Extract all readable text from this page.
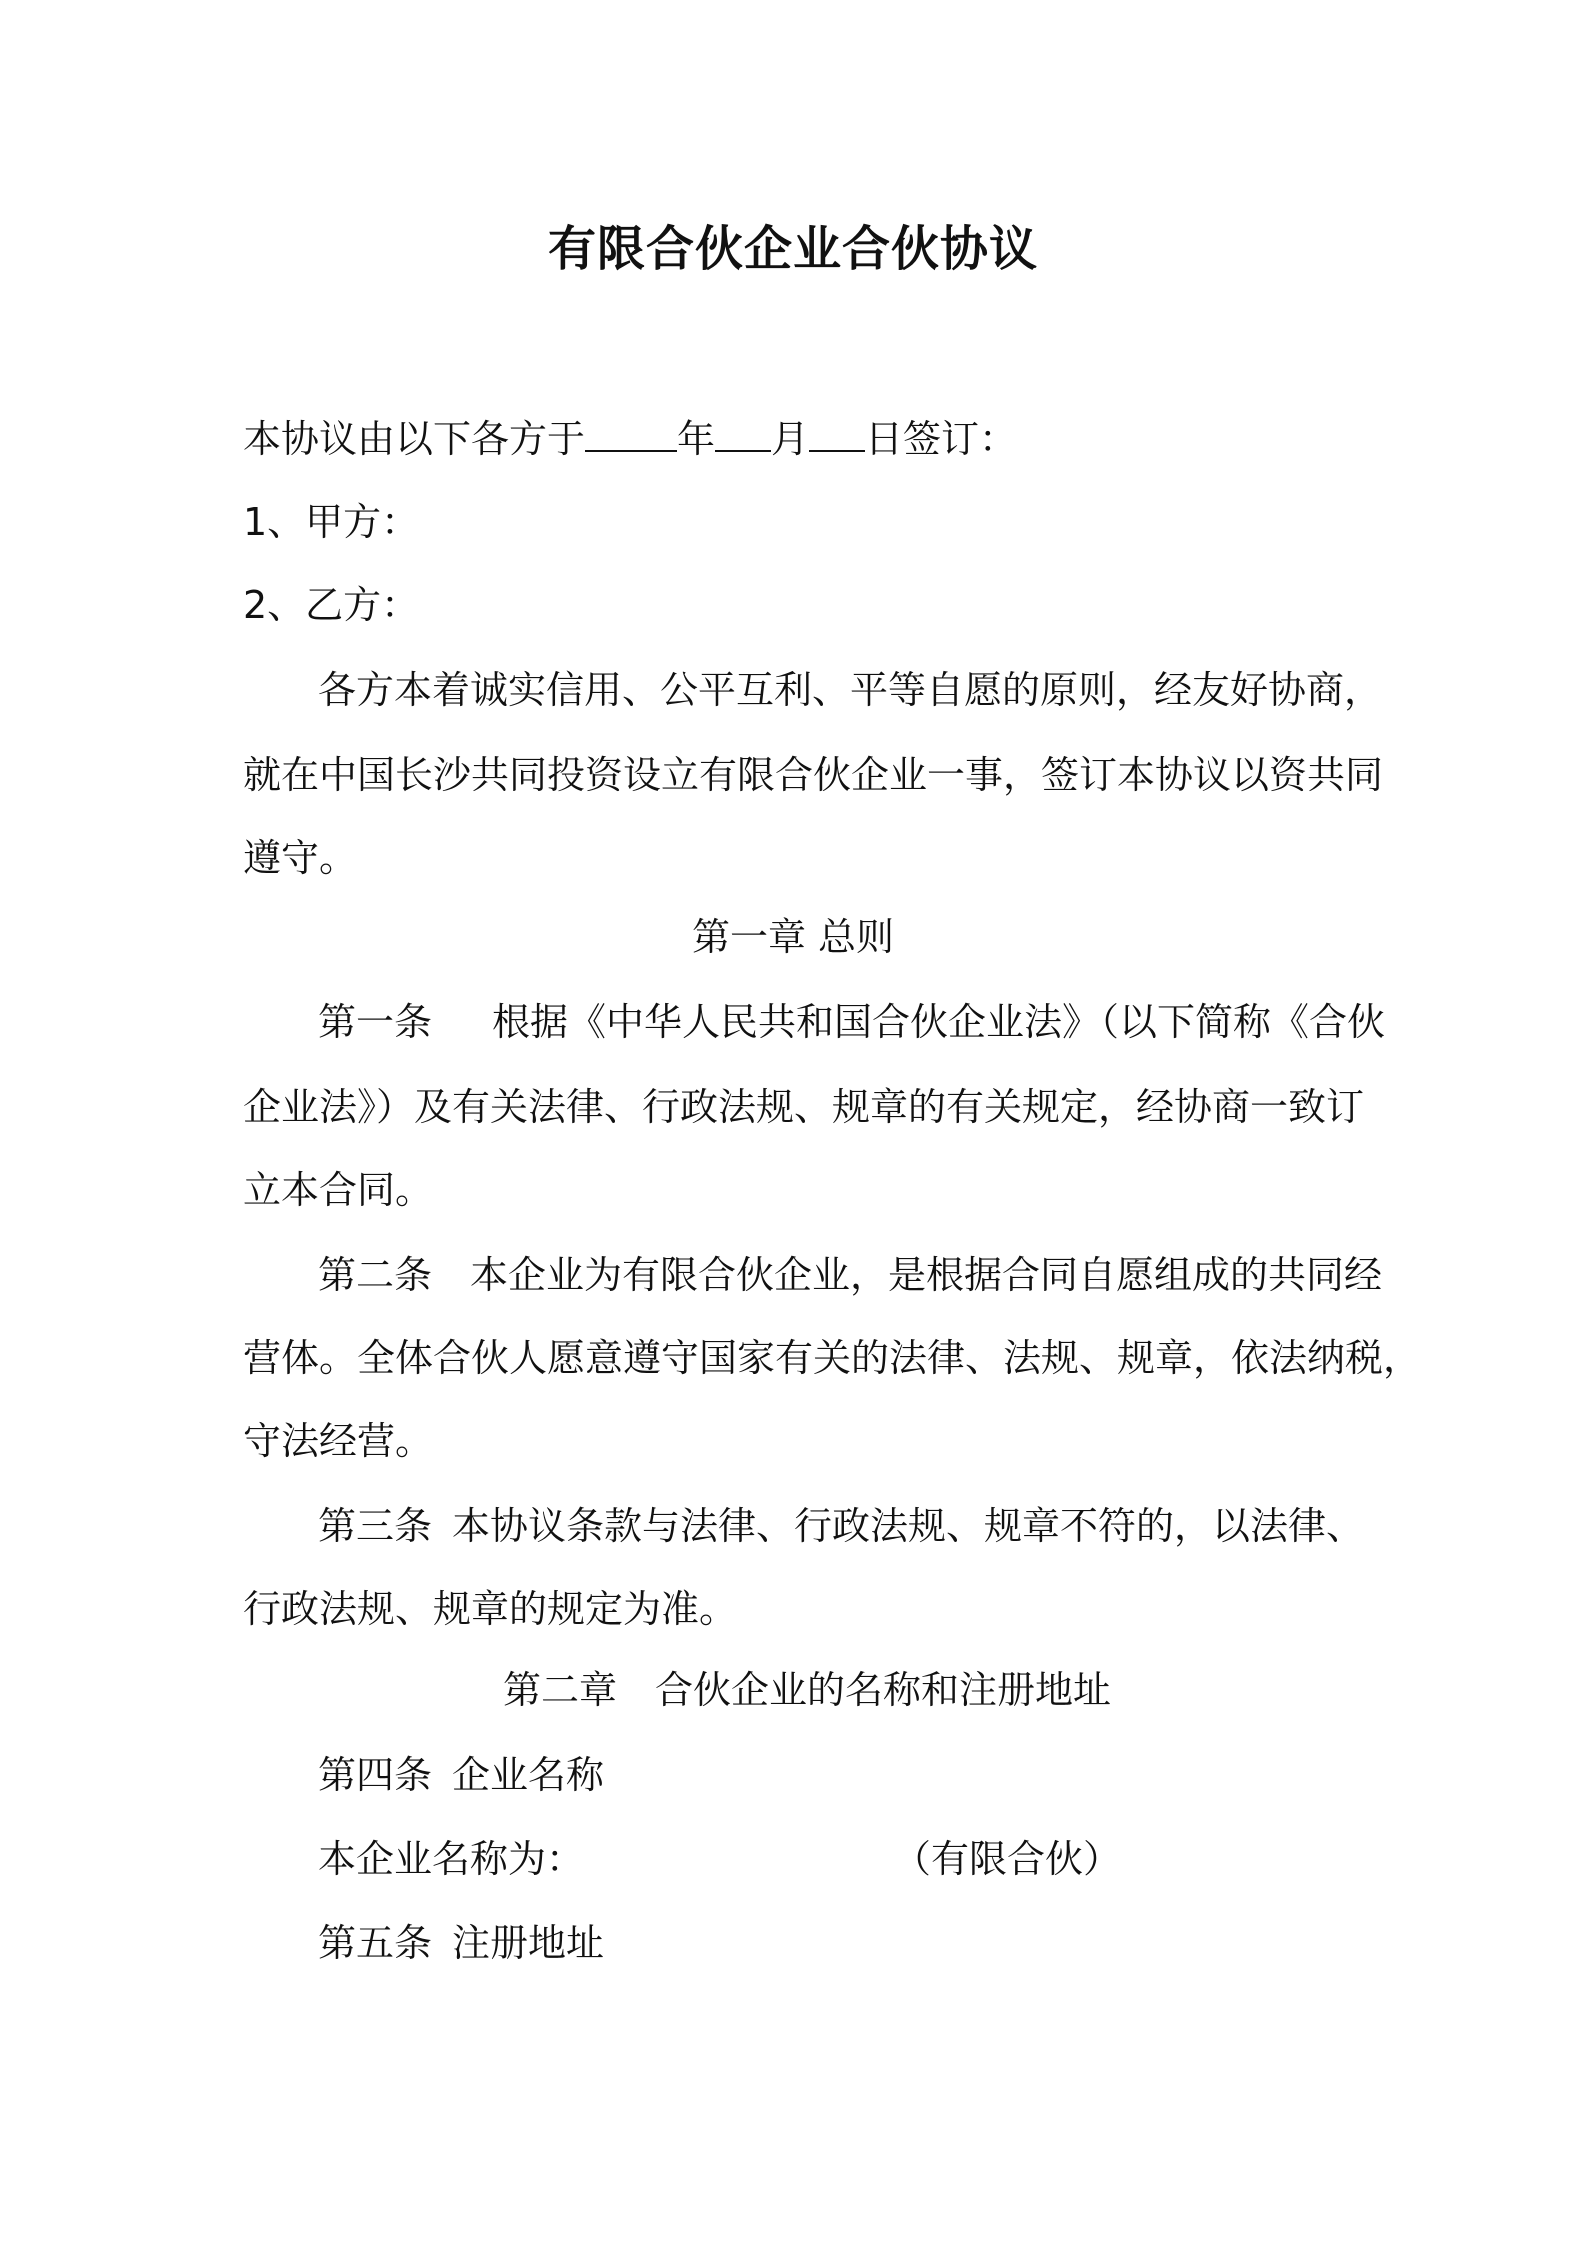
有限合伙企业合伙协议
本协议由以下各方于 年 月 日签订：
1、甲方：
2、乙方：
各方本着诚实信用、公平互利、平等自愿的原则，经友好协商，
就在中国长沙共同投资设立有限合伙企业一事，签订本协议以资共同
遵守。
第一章 总则
第一条 根据《中华人民共和国合伙企业法》（以下简称《合伙
企业法》）及有关法律、行政法规、规章的有关规定，经协商一致订
立本合同。
第二条 本企业为有限合伙企业，是根据合同自愿组成的共同经
营体。全体合伙人愿意遵守国家有关的法律、法规、规章，依法纳税，
守法经营。
第三条 本协议条款与法律、行政法规、规章不符的，以法律、
行政法规、规章的规定为准。
第二章 合伙企业的名称和注册地址
第四条 企业名称
本企业名称为：	（有限合伙）
第五条 注册地址
